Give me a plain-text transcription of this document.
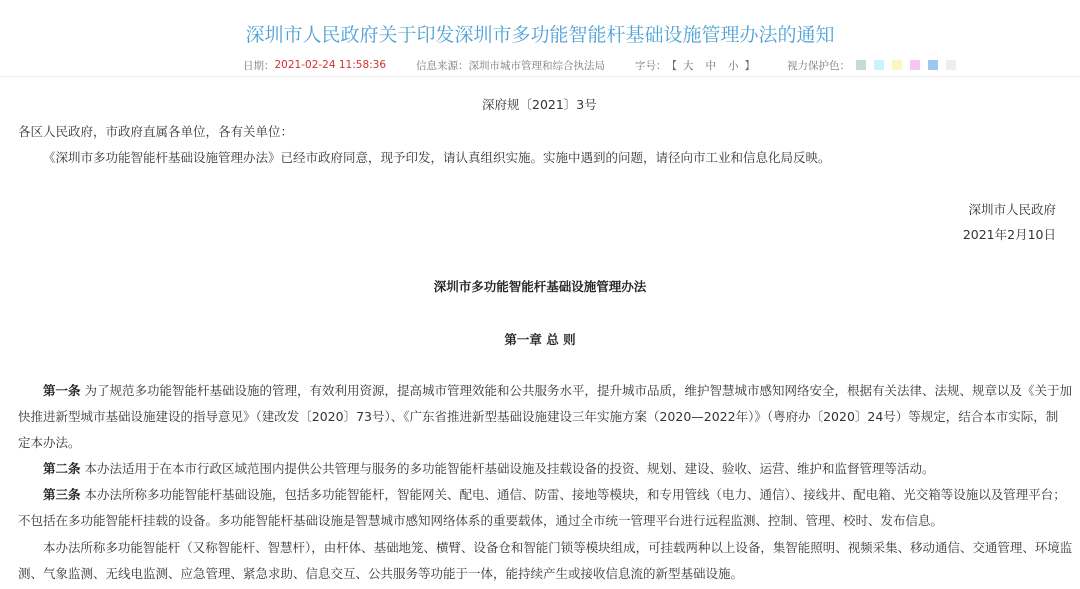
深圳市人民政府关于印发深圳市多功能智能杆基础设施管理办法的通知
日期： 2021-02-24 11:58:36	信息来源： 深圳市城市管理和综合执法局	字号： 【 大 中 小 】	视力保护色：
深府规〔2021〕3号
各区人民政府，市政府直属各单位，各有关单位：
《深圳市多功能智能杆基础设施管理办法》已经市政府同意，现予印发，请认真组织实施。实施中遇到的问题，请径向市工业和信息化局反映。
深圳市人民政府
2021年2月10日
深圳市多功能智能杆基础设施管理办法
第一章 总 则
第一条 为了规范多功能智能杆基础设施的管理，有效利用资源，提高城市管理效能和公共服务水平，提升城市品质，维护智慧城市感知网络安全，根据有关法律、法规、规章以及《关于加
快推进新型城市基础设施建设的指导意见》（建改发〔2020〕73号）、《广东省推进新型基础设施建设三年实施方案（2020—2022年）》（粤府办〔2020〕24号）等规定，结合本市实际，制
定本办法。
第二条 本办法适用于在本市行政区域范围内提供公共管理与服务的多功能智能杆基础设施及挂载设备的投资、规划、建设、验收、运营、维护和监督管理等活动。
第三条 本办法所称多功能智能杆基础设施，包括多功能智能杆，智能网关、配电、通信、防雷、接地等模块，和专用管线（电力、通信）、接线井、配电箱、光交箱等设施以及管理平台；
不包括在多功能智能杆挂载的设备。多功能智能杆基础设施是智慧城市感知网络体系的重要载体，通过全市统一管理平台进行远程监测、控制、管理、校时、发布信息。
本办法所称多功能智能杆（又称智能杆、智慧杆），由杆体、基础地笼、横臂、设备仓和智能门锁等模块组成，可挂载两种以上设备，集智能照明、视频采集、移动通信、交通管理、环境监
测、气象监测、无线电监测、应急管理、紧急求助、信息交互、公共服务等功能于一体，能持续产生或接收信息流的新型基础设施。
